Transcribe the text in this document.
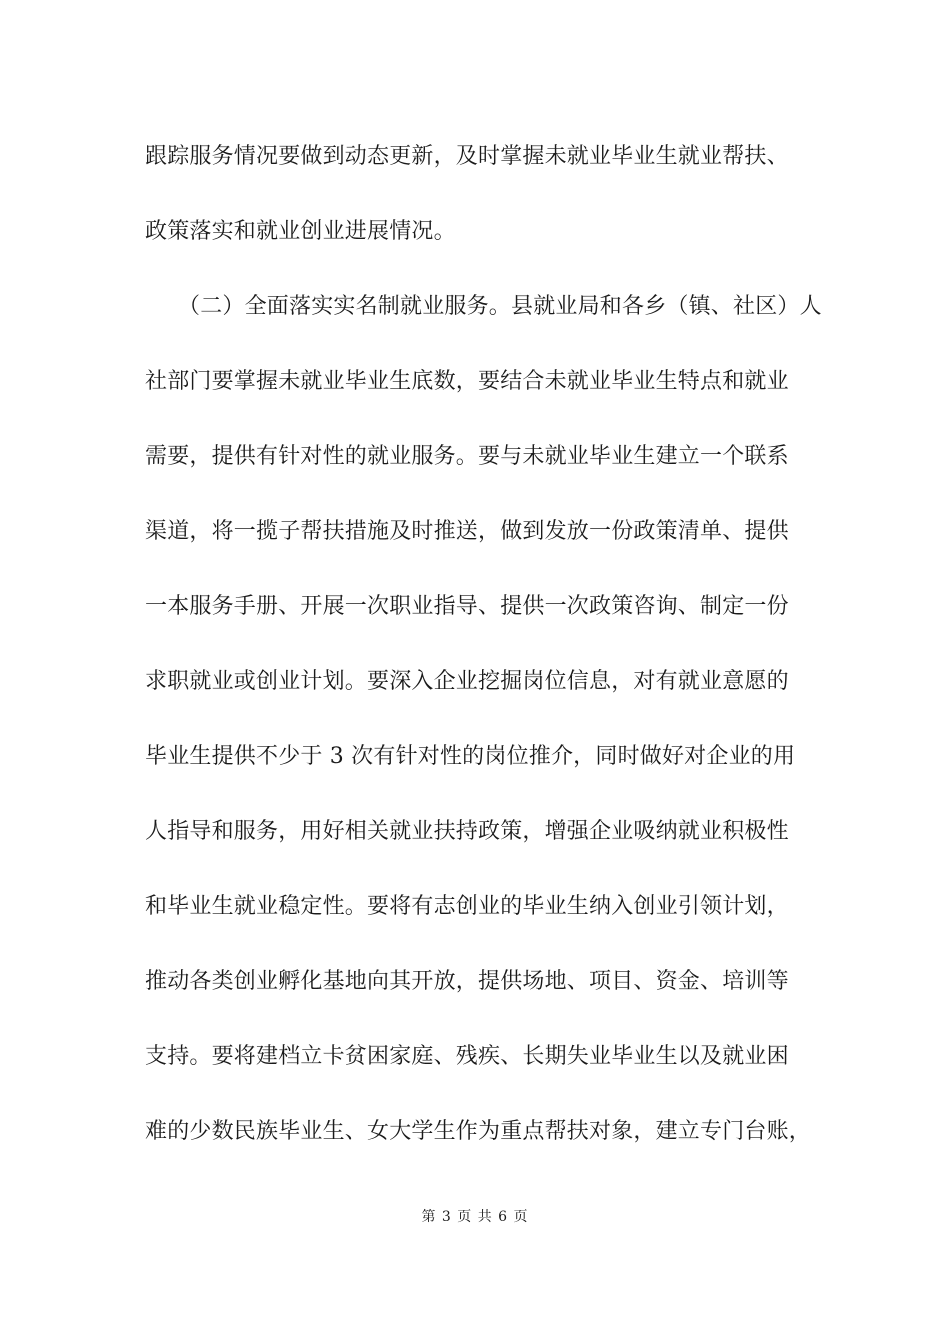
跟踪服务情况要做到动态更新，及时掌握未就业毕业生就业帮扶、
政策落实和就业创业进展情况。
（二）全面落实实名制就业服务。县就业局和各乡（镇、社区）人
社部门要掌握未就业毕业生底数，要结合未就业毕业生特点和就业
需要，提供有针对性的就业服务。要与未就业毕业生建立一个联系
渠道，将一揽子帮扶措施及时推送，做到发放一份政策清单、提供
一本服务手册、开展一次职业指导、提供一次政策咨询、制定一份
求职就业或创业计划。要深入企业挖掘岗位信息，对有就业意愿的
毕业生提供不少于 3 次有针对性的岗位推介，同时做好对企业的用
人指导和服务，用好相关就业扶持政策，增强企业吸纳就业积极性
和毕业生就业稳定性。要将有志创业的毕业生纳入创业引领计划，
推动各类创业孵化基地向其开放，提供场地、项目、资金、培训等
支持。要将建档立卡贫困家庭、残疾、长期失业毕业生以及就业困
难的少数民族毕业生、女大学生作为重点帮扶对象，建立专门台账，
第 3 页 共 6 页
